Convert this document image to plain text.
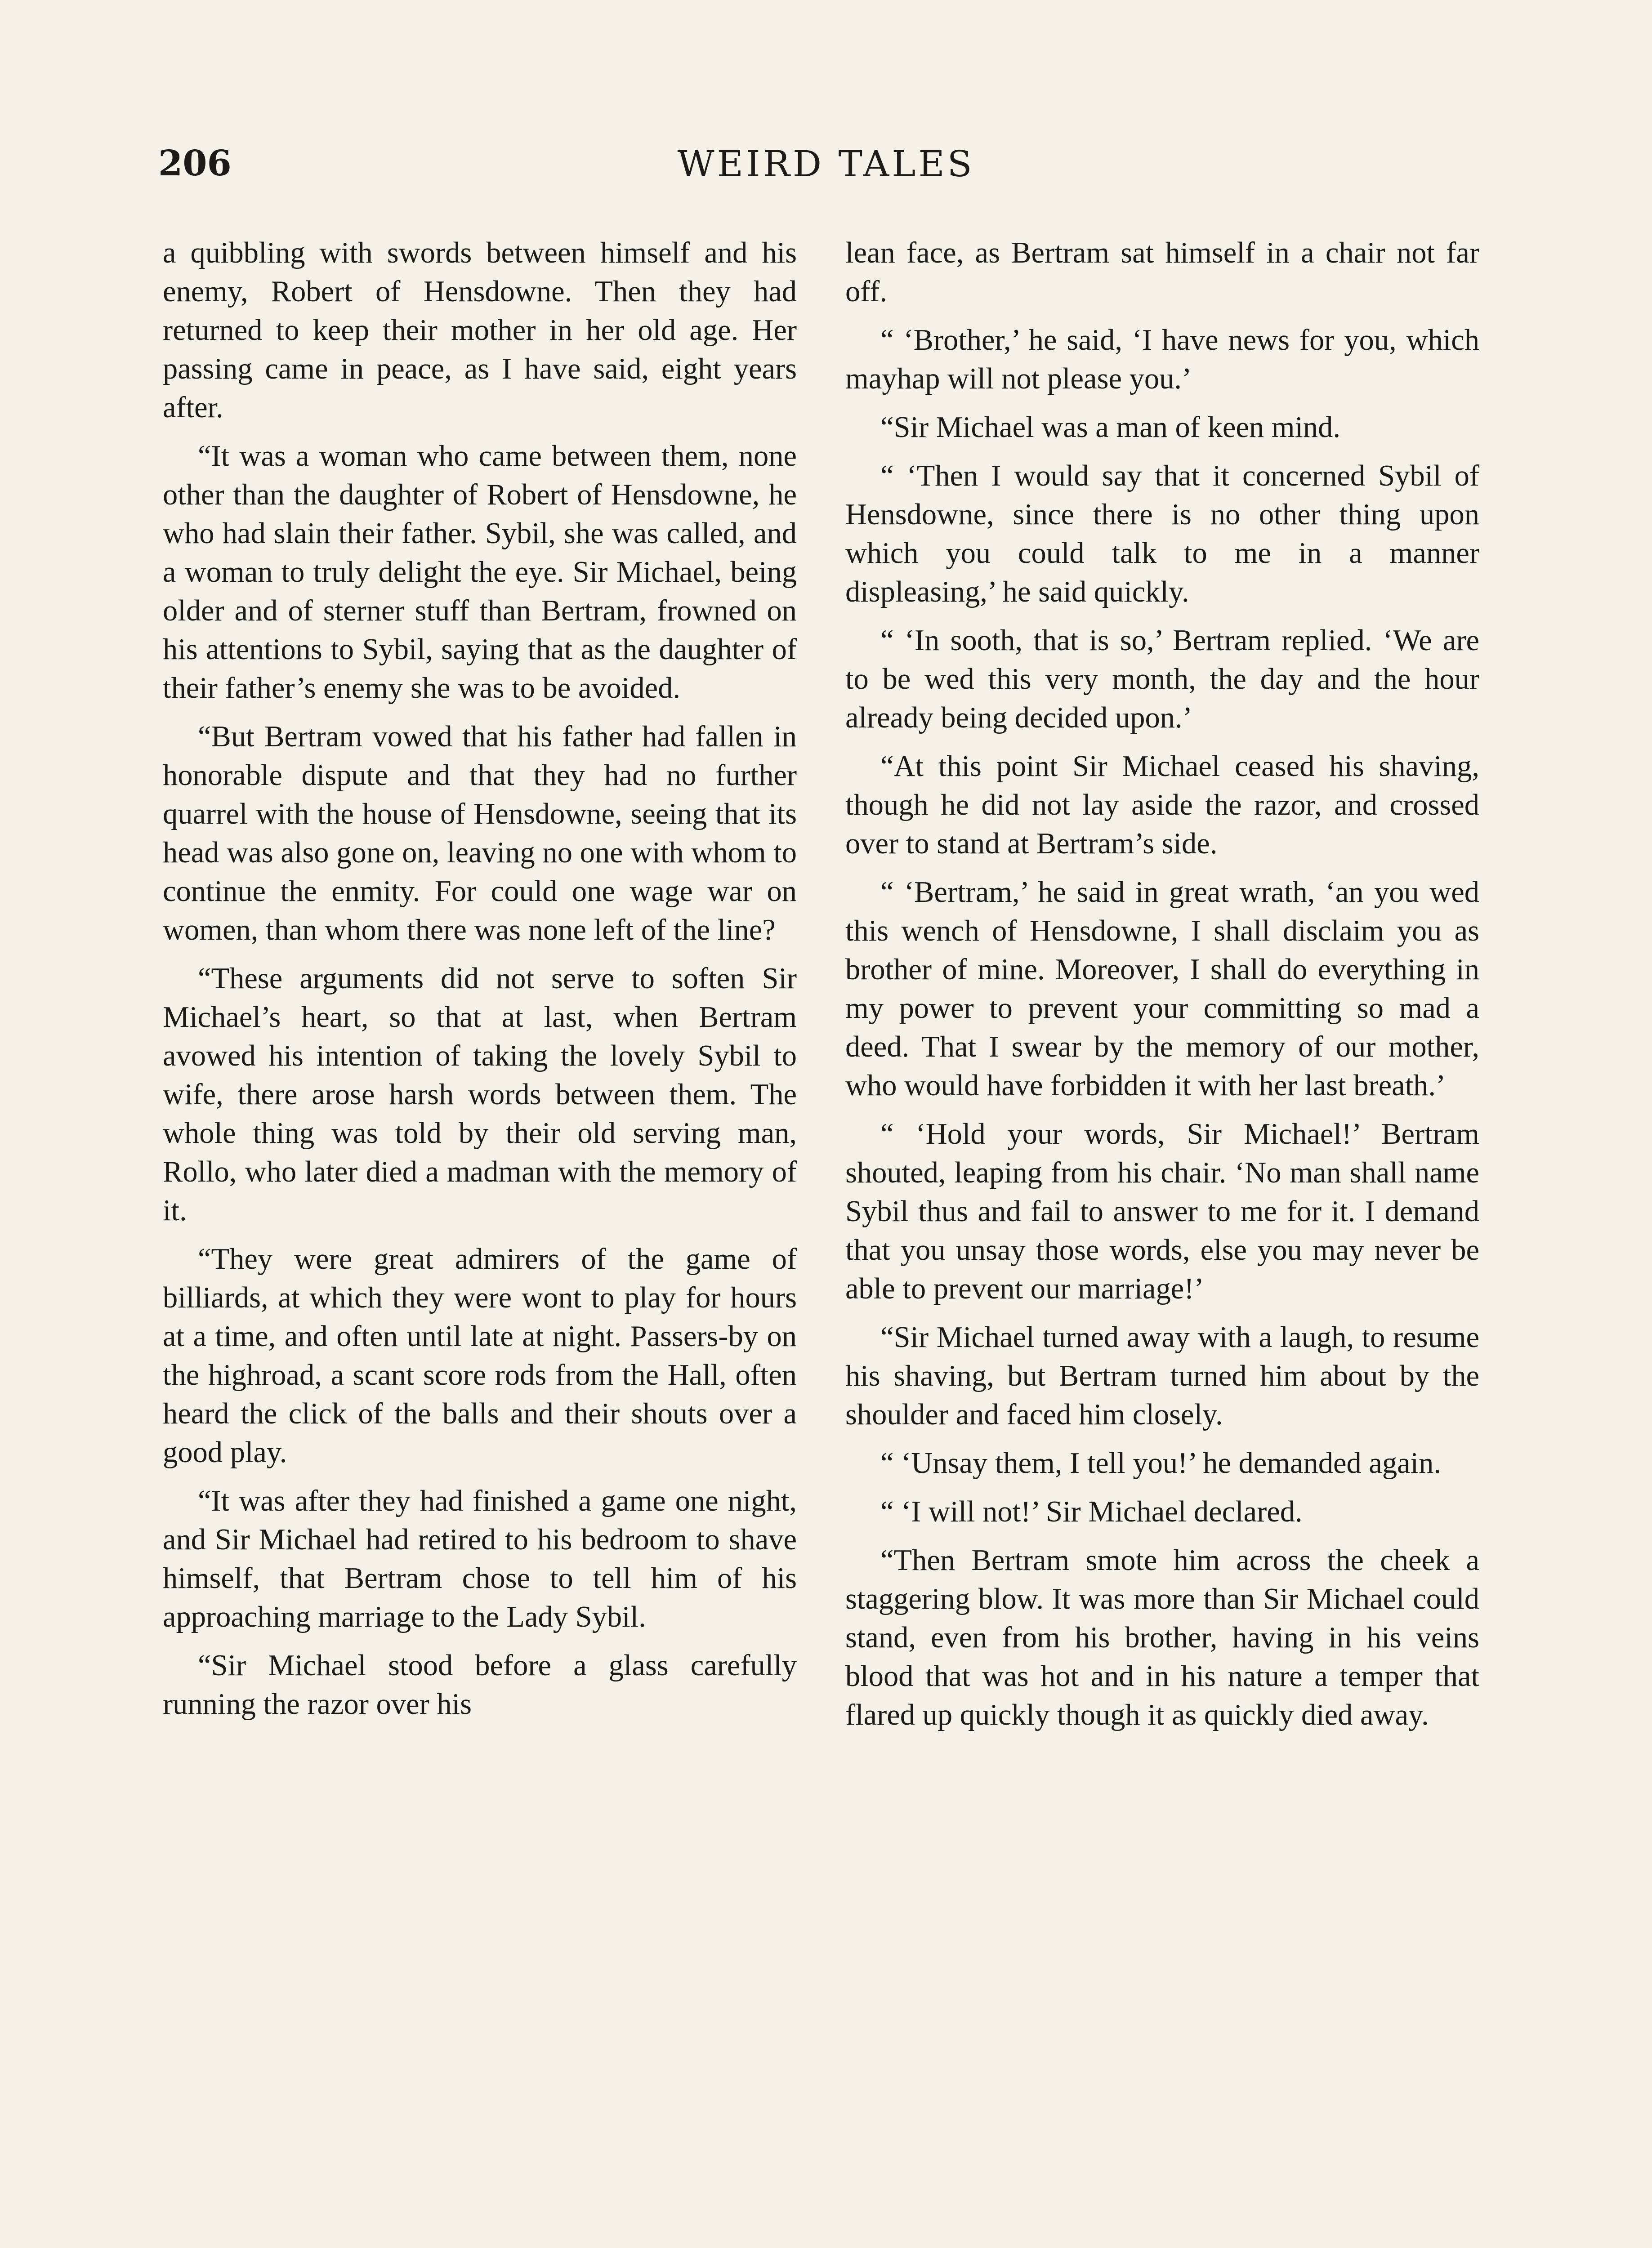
206	WEIRD TALES

a quibbling with swords between himself and his enemy, Robert of Hensdowne. Then they had returned to keep their mother in her old age. Her passing came in peace, as I have said, eight years after.

“It was a woman who came between them, none other than the daughter of Robert of Hensdowne, he who had slain their father. Sybil, she was called, and a woman to truly delight the eye. Sir Michael, being older and of sterner stuff than Bertram, frowned on his attentions to Sybil, saying that as the daughter of their father’s enemy she was to be avoided.

“But Bertram vowed that his father had fallen in honorable dispute and that they had no further quarrel with the house of Hensdowne, seeing that its head was also gone on, leaving no one with whom to continue the enmity. For could one wage war on women, than whom there was none left of the line?

“These arguments did not serve to soften Sir Michael’s heart, so that at last, when Bertram avowed his intention of taking the lovely Sybil to wife, there arose harsh words between them. The whole thing was told by their old serving man, Rollo, who later died a madman with the memory of it.

“They were great admirers of the game of billiards, at which they were wont to play for hours at a time, and often until late at night. Passers-by on the highroad, a scant score rods from the Hall, often heard the click of the balls and their shouts over a good play.

“It was after they had finished a game one night, and Sir Michael had retired to his bedroom to shave himself, that Bertram chose to tell him of his approaching marriage to the Lady Sybil.

“Sir Michael stood before a glass carefully running the razor over his

lean face, as Bertram sat himself in a chair not far off.

“ ‘Brother,’ he said, ‘I have news for you, which mayhap will not please you.’

“Sir Michael was a man of keen mind.

“ ‘Then I would say that it concerned Sybil of Hensdowne, since there is no other thing upon which you could talk to me in a manner displeasing,’ he said quickly.

“ ‘In sooth, that is so,’ Bertram replied. ‘We are to be wed this very month, the day and the hour already being decided upon.’

“At this point Sir Michael ceased his shaving, though he did not lay aside the razor, and crossed over to stand at Bertram’s side.

“ ‘Bertram,’ he said in great wrath, ‘an you wed this wench of Hensdowne, I shall disclaim you as brother of mine. Moreover, I shall do everything in my power to prevent your committing so mad a deed. That I swear by the memory of our mother, who would have forbidden it with her last breath.’

“ ‘Hold your words, Sir Michael!’ Bertram shouted, leaping from his chair. ‘No man shall name Sybil thus and fail to answer to me for it. I demand that you unsay those words, else you may never be able to prevent our marriage!’

“Sir Michael turned away with a laugh, to resume his shaving, but Bertram turned him about by the shoulder and faced him closely.

“ ‘Unsay them, I tell you!’ he demanded again.

“ ‘I will not!’ Sir Michael declared.

“Then Bertram smote him across the cheek a staggering blow. It was more than Sir Michael could stand, even from his brother, having in his veins blood that was hot and in his nature a temper that flared up quickly though it as quickly died away.
